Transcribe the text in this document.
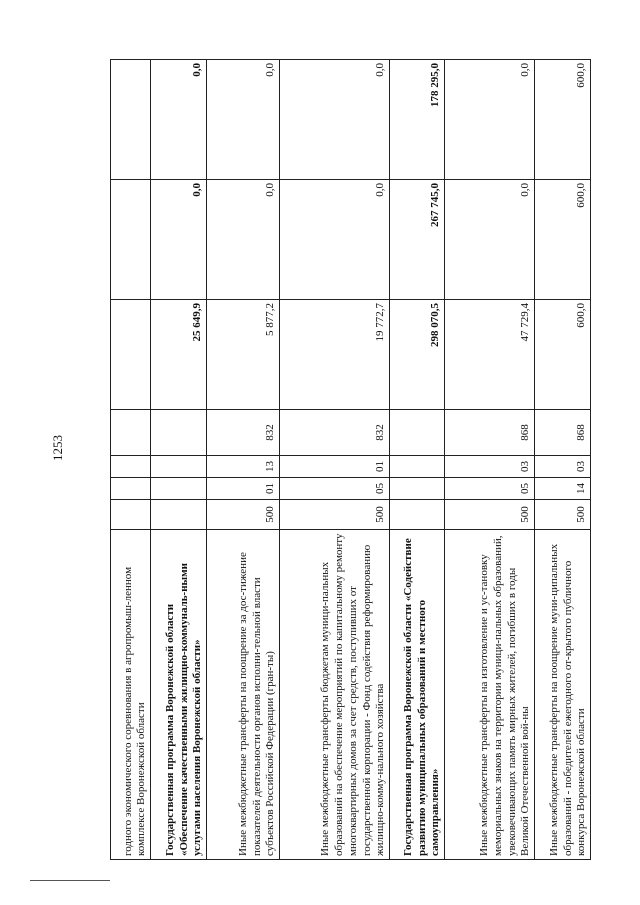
1253
годного экономического соревнования в агропромыш-ленном комплексе Воронежской области							
Государственная программа Воронежской области «Обеспечение качественными жилищно-коммуналь-ными услугами населения Воронежской области»					25 649,9	0,0	0,0
Иные межбюджетные трансферты на поощрение за дос-тижение показателей деятельности органов исполни-тельной власти субъектов Российской Федерации (гран-ты)	500	01	13	832	5 877,2	0,0	0,0
Иные межбюджетные трансферты бюджетам муници-пальных образований на обеспечение мероприятий по капитальному ремонту многоквартирных домов за счет средств, поступивших от государственной корпорации - Фонд содействия реформированию жилищно-комму-нального хозяйства	500	05	01	832	19 772,7	0,0	0,0
Государственная программа Воронежской области «Содействие развитию муниципальных образований и местного самоуправления»					298 070,5	267 745,0	178 295,0
Иные межбюджетные трансферты на изготовление и ус-тановку мемориальных знаков на территории муници-пальных образований, увековечивающих память мирных жителей, погибших в годы Великой Отечественной вой-ны	500	05	03	868	47 729,4	0,0	0,0
Иные межбюджетные трансферты на поощрение муни-ципальных образований - победителей ежегодного от-крытого публичного конкурса Воронежской области	500	14	03	868	600,0	600,0	600,0
